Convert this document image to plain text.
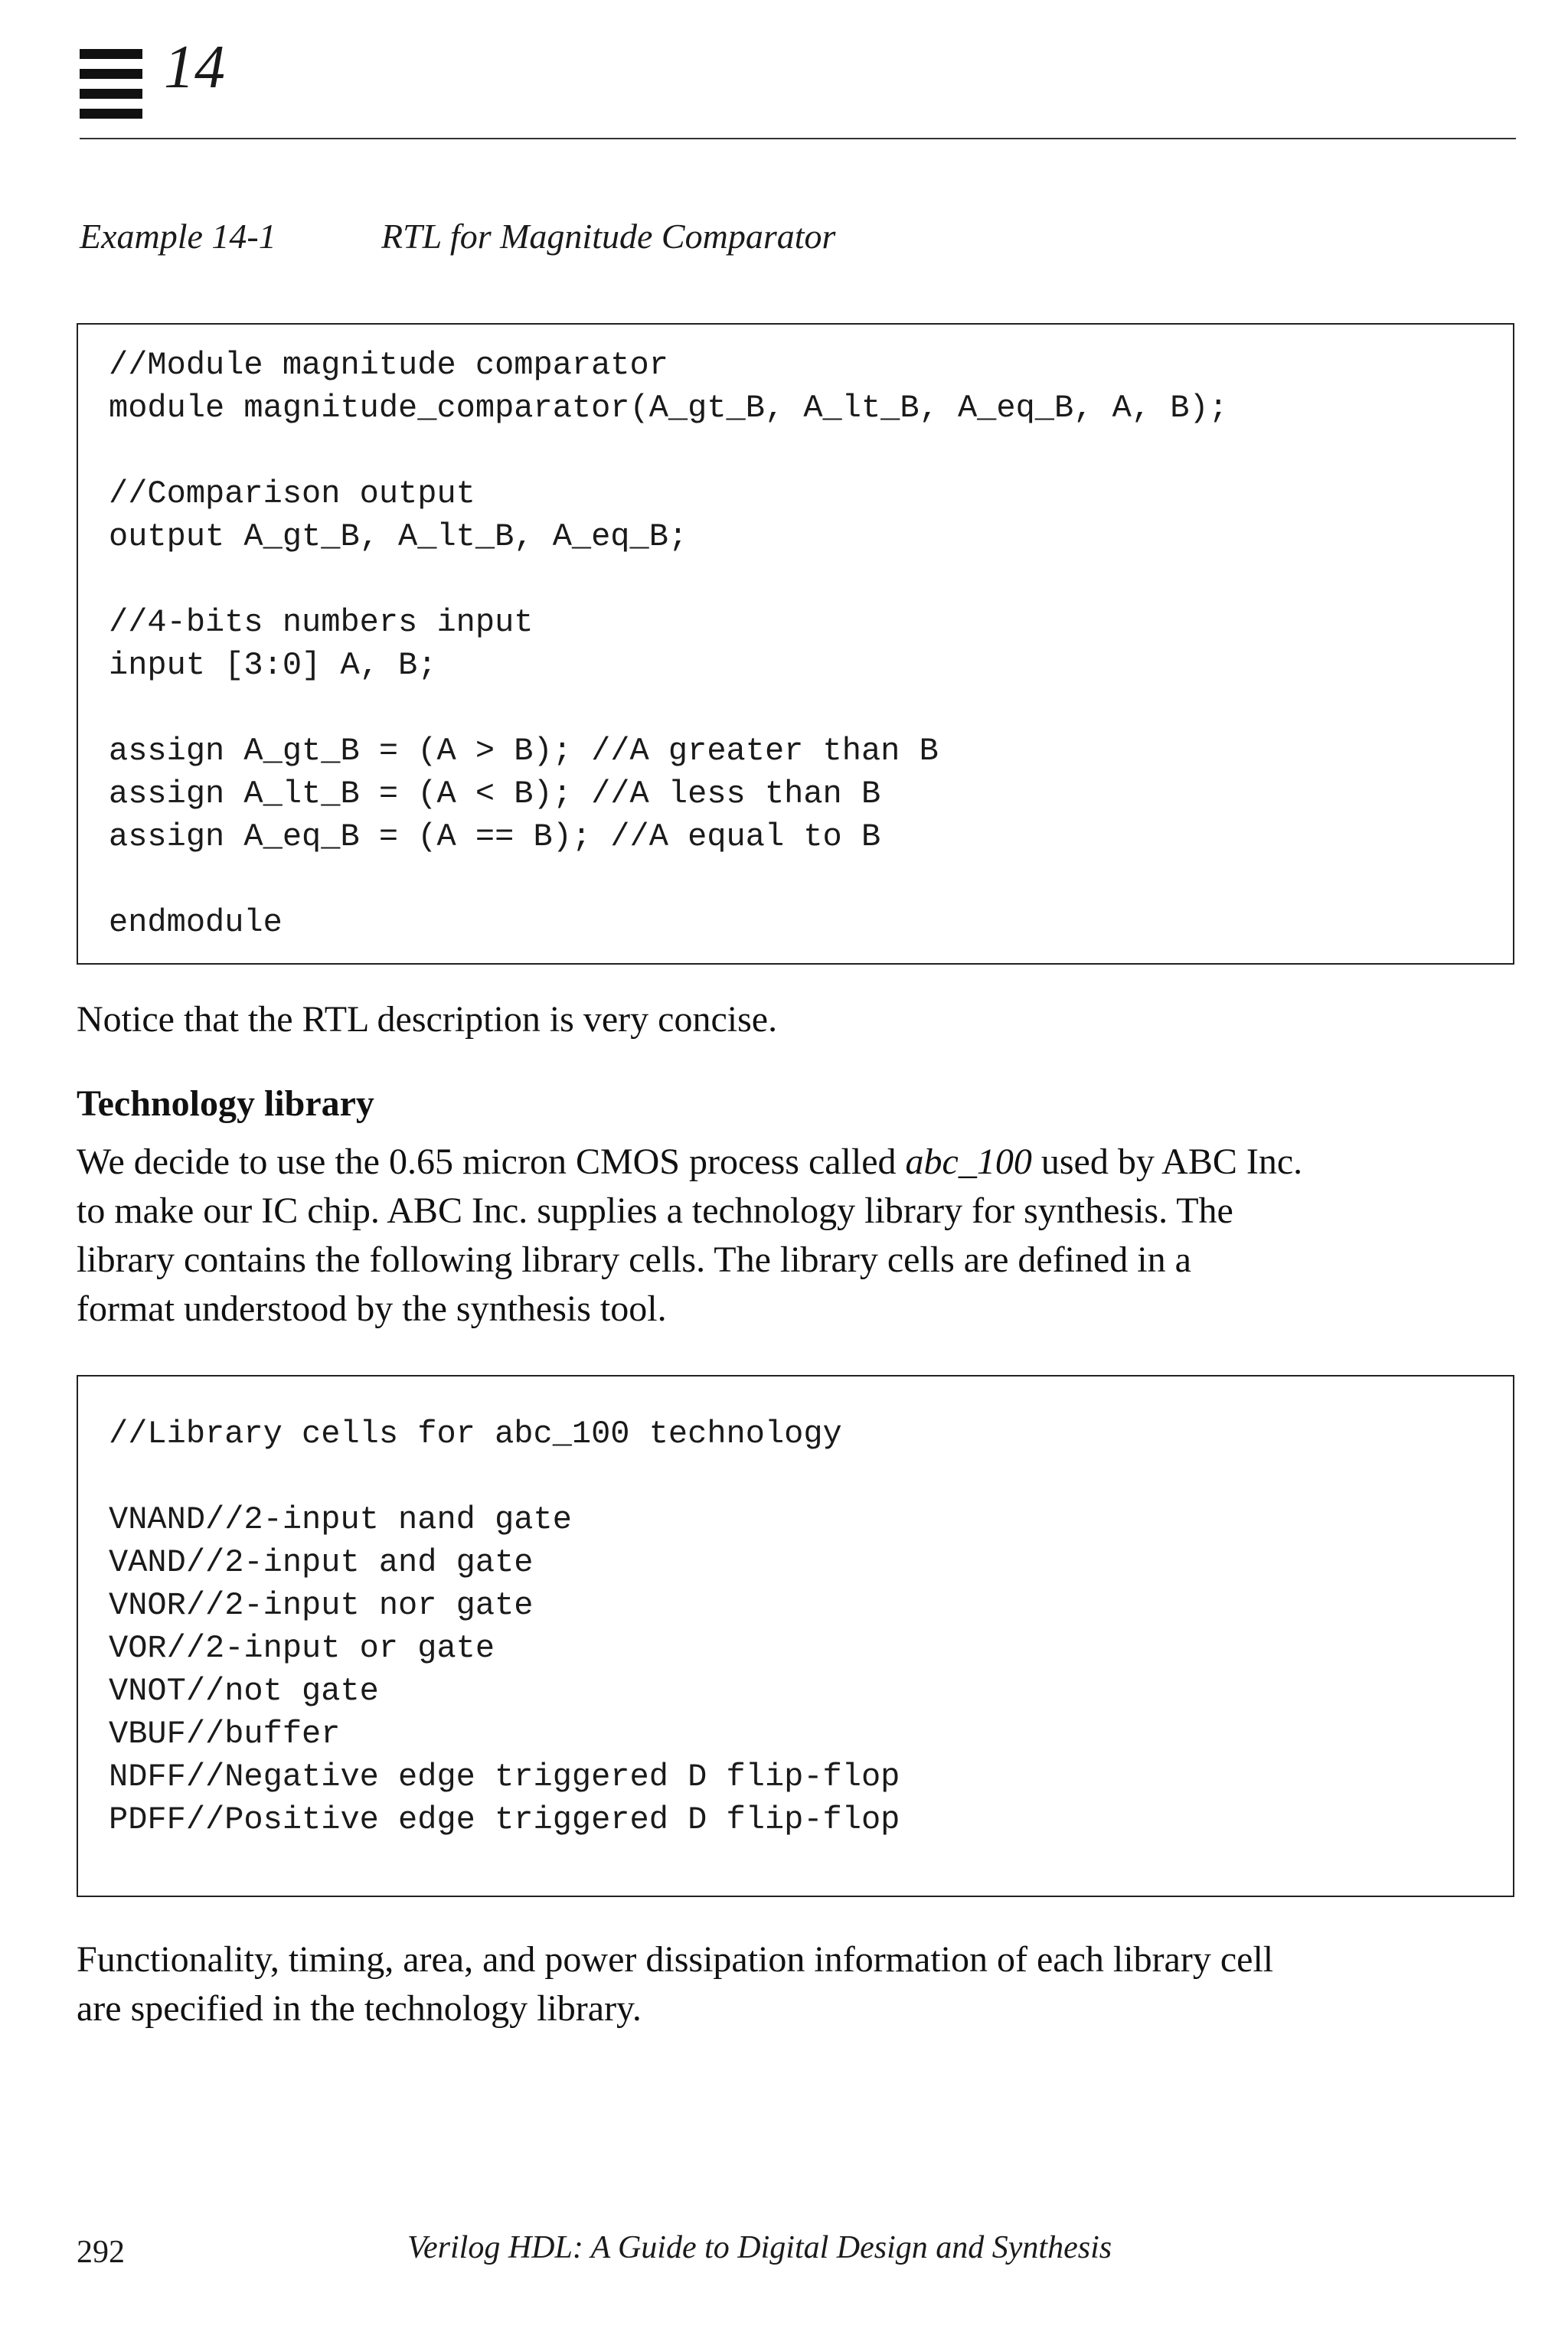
14
Example 14-1	RTL for Magnitude Comparator
//Module magnitude comparator
module magnitude_comparator(A_gt_B, A_lt_B, A_eq_B, A, B);
//Comparison output
output A_gt_B, A_lt_B, A_eq_B;
//4-bits numbers input
input [3:0] A, B;
assign A_gt_B = (A > B); //A greater than B
assign A_lt_B = (A < B); //A less than B
assign A_eq_B = (A == B); //A equal to B
endmodule
Notice that the RTL description is very concise.
Technology library
We decide to use the 0.65 micron CMOS process called abc_100 used by ABC Inc.
to make our IC chip. ABC Inc. supplies a technology library for synthesis. The
library contains the following library cells. The library cells are defined in a
format understood by the synthesis tool.
//Library cells for abc_100 technology
VNAND//2-input nand gate
VAND//2-input and gate
VNOR//2-input nor gate
VOR//2-input or gate
VNOT//not gate
VBUF//buffer
NDFF//Negative edge triggered D flip-flop
PDFF//Positive edge triggered D flip-flop
Functionality, timing, area, and power dissipation information of each library cell
are specified in the technology library.
292	Verilog HDL: A Guide to Digital Design and Synthesis
